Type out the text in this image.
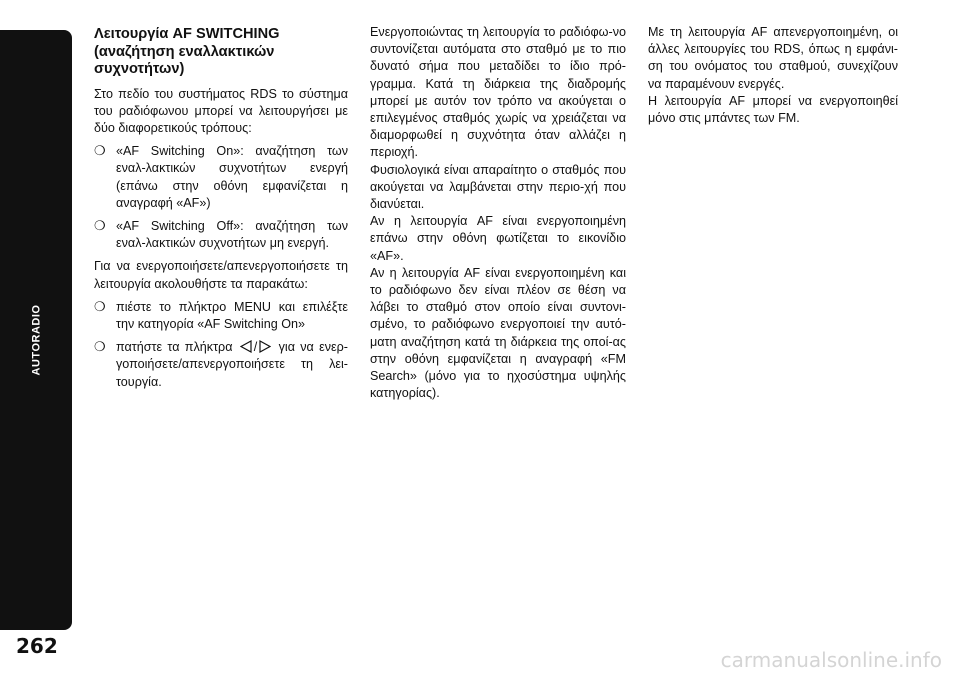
AUTORADIO
262
Λειτουργία AF SWITCHING (αναζήτηση εναλλακτικών συχνοτήτων)

Στο πεδίο του συστήματος RDS το σύστημα του ραδιόφωνου μπορεί να λειτουργήσει με δύο διαφορετικούς τρόπους:

❍ «AF Switching On»: αναζήτηση των εναλ-λακτικών συχνοτήτων ενεργή (επάνω στην οθόνη εμφανίζεται η αναγραφή «AF»)
❍ «AF Switching Off»: αναζήτηση των εναλ-λακτικών συχνοτήτων μη ενεργή.

Για να ενεργοποιήσετε/απενεργοποιήσετε τη λειτουργία ακολουθήστε τα παρακάτω:

❍ πιέστε το πλήκτρο MENU και επιλέξτε την κατηγορία «AF Switching On»
❍ πατήστε τα πλήκτρα / για να ενερ-γοποιήσετε/απενεργοποιήσετε τη λει-τουργία.

Ενεργοποιώντας τη λειτουργία το ραδιόφω-νο συντονίζεται αυτόματα στο σταθμό με το πιο δυνατό σήμα που μεταδίδει το ίδιο πρό-γραμμα. Κατά τη διάρκεια της διαδρομής μπορεί με αυτόν τον τρόπο να ακούγεται ο επιλεγμένος σταθμός χωρίς να χρειάζεται να διαμορφωθεί η συχνότητα όταν αλλάζει η περιοχή.

Φυσιολογικά είναι απαραίτητο ο σταθμός που ακούγεται να λαμβάνεται στην περιο-χή που διανύεται.

Αν η λειτουργία AF είναι ενεργοποιημένη επάνω στην οθόνη φωτίζεται το εικονίδιο «AF».

Αν η λειτουργία AF είναι ενεργοποιημένη και το ραδιόφωνο δεν είναι πλέον σε θέση να λάβει το σταθμό στον οποίο είναι συντονι-σμένο, το ραδιόφωνο ενεργοποιεί την αυτό-ματη αναζήτηση κατά τη διάρκεια της οποί-ας στην οθόνη εμφανίζεται η αναγραφή «FM Search» (μόνο για το ηχοσύστημα υψηλής κατηγορίας).

Με τη λειτουργία AF απενεργοποιημένη, οι άλλες λειτουργίες του RDS, όπως η εμφάνι-ση του ονόματος του σταθμού, συνεχίζουν να παραμένουν ενεργές.

Η λειτουργία AF μπορεί να ενεργοποιηθεί μόνο στις μπάντες των FM.

carmanualsonline.info
